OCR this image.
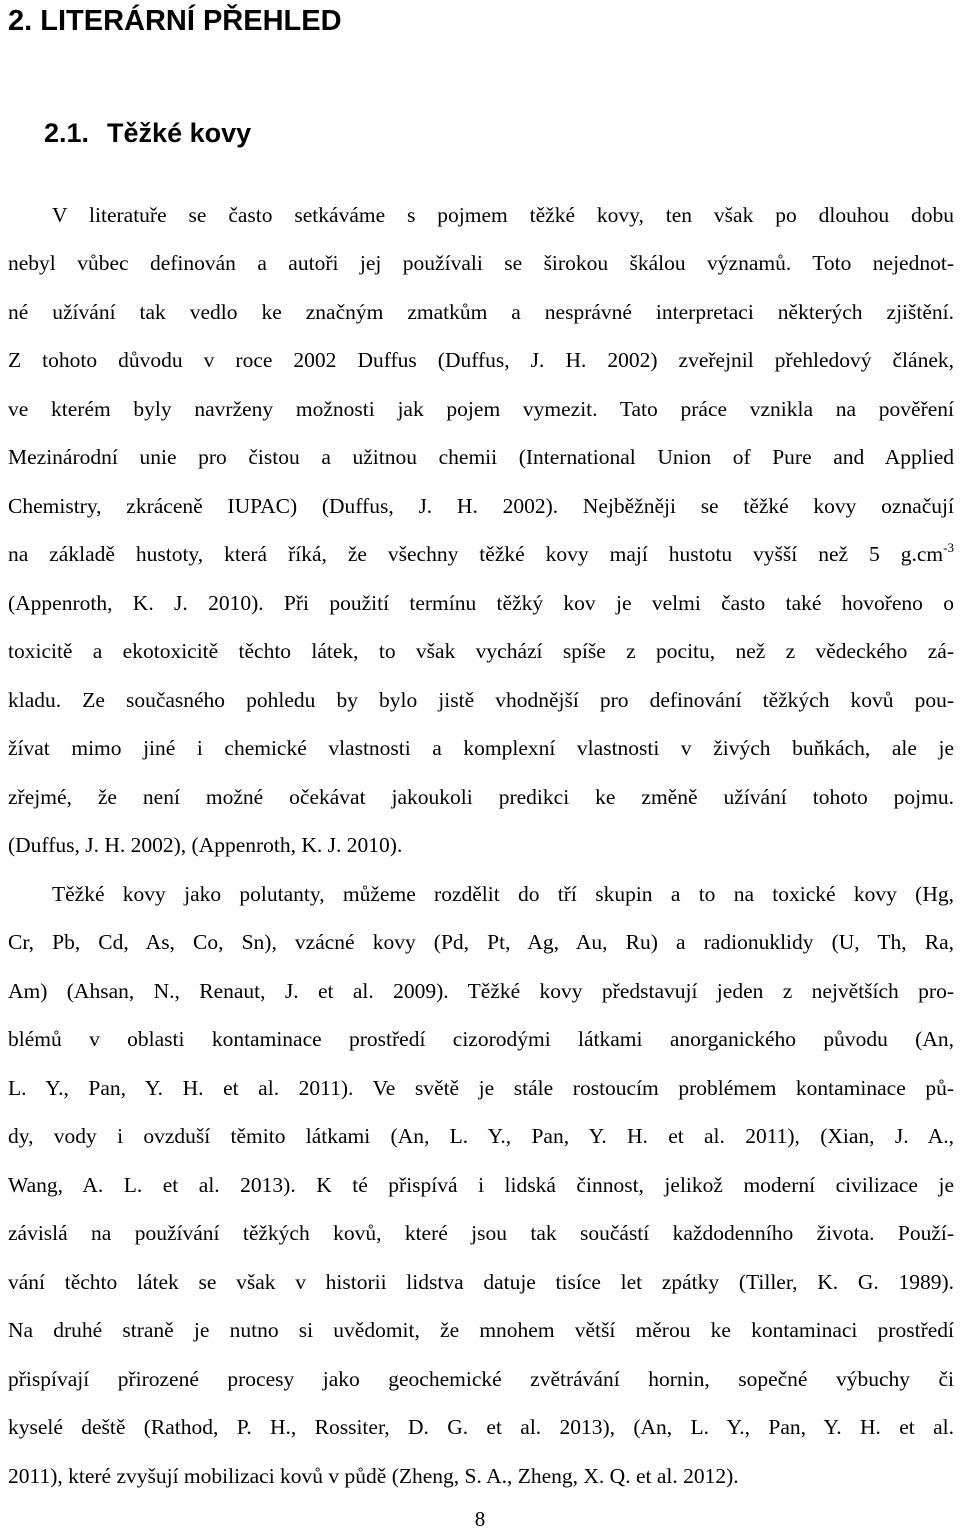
2. LITERÁRNÍ PŘEHLED
2.1. Těžké kovy
V literatuře se často setkáváme s pojmem těžké kovy, ten však po dlouhou dobu
nebyl vůbec definován a autoři jej používali se širokou škálou významů. Toto nejednot-
né užívání tak vedlo ke značným zmatkům a nesprávné interpretaci některých zjištění.
Z tohoto důvodu v roce 2002 Duffus (Duffus, J. H. 2002) zveřejnil přehledový článek,
ve kterém byly navrženy možnosti jak pojem vymezit. Tato práce vznikla na pověření
Mezinárodní unie pro čistou a užitnou chemii (International Union of Pure and Applied
Chemistry, zkráceně IUPAC) (Duffus, J. H. 2002). Nejběžněji se těžké kovy označují
na základě hustoty, která říká, že všechny těžké kovy mají hustotu vyšší než 5 $g.cm^{-3}$
(Appenroth, K. J. 2010). Při použití termínu těžký kov je velmi často také hovořeno o
toxicitě a ekotoxicitě těchto látek, to však vychází spíše z pocitu, než z vědeckého zá-
kladu. Ze současného pohledu by bylo jistě vhodnější pro definování těžkých kovů pou-
žívat mimo jiné i chemické vlastnosti a komplexní vlastnosti v živých buňkách, ale je
zřejmé, že není možné očekávat jakoukoli predikci ke změně užívání tohoto pojmu.
(Duffus, J. H. 2002), (Appenroth, K. J. 2010).
Těžké kovy jako polutanty, můžeme rozdělit do tří skupin a to na toxické kovy (Hg,
Cr, Pb, Cd, As, Co, Sn), vzácné kovy (Pd, Pt, Ag, Au, Ru) a radionuklidy (U, Th, Ra,
Am) (Ahsan, N., Renaut, J. et al. 2009). Těžké kovy představují jeden z největších pro-
blémů v oblasti kontaminace prostředí cizorodými látkami anorganického původu (An,
L. Y., Pan, Y. H. et al. 2011). Ve světě je stále rostoucím problémem kontaminace pů-
dy, vody i ovzduší těmito látkami (An, L. Y., Pan, Y. H. et al. 2011), (Xian, J. A.,
Wang, A. L. et al. 2013). K té přispívá i lidská činnost, jelikož moderní civilizace je
závislá na používání těžkých kovů, které jsou tak součástí každodenního života. Použí-
vání těchto látek se však v historii lidstva datuje tisíce let zpátky (Tiller, K. G. 1989).
Na druhé straně je nutno si uvědomit, že mnohem větší měrou ke kontaminaci prostředí
přispívají přirozené procesy jako geochemické zvětrávání hornin, sopečné výbuchy či
kyselé deště (Rathod, P. H., Rossiter, D. G. et al. 2013), (An, L. Y., Pan, Y. H. et al.
2011), které zvyšují mobilizaci kovů v půdě (Zheng, S. A., Zheng, X. Q. et al. 2012).
8
